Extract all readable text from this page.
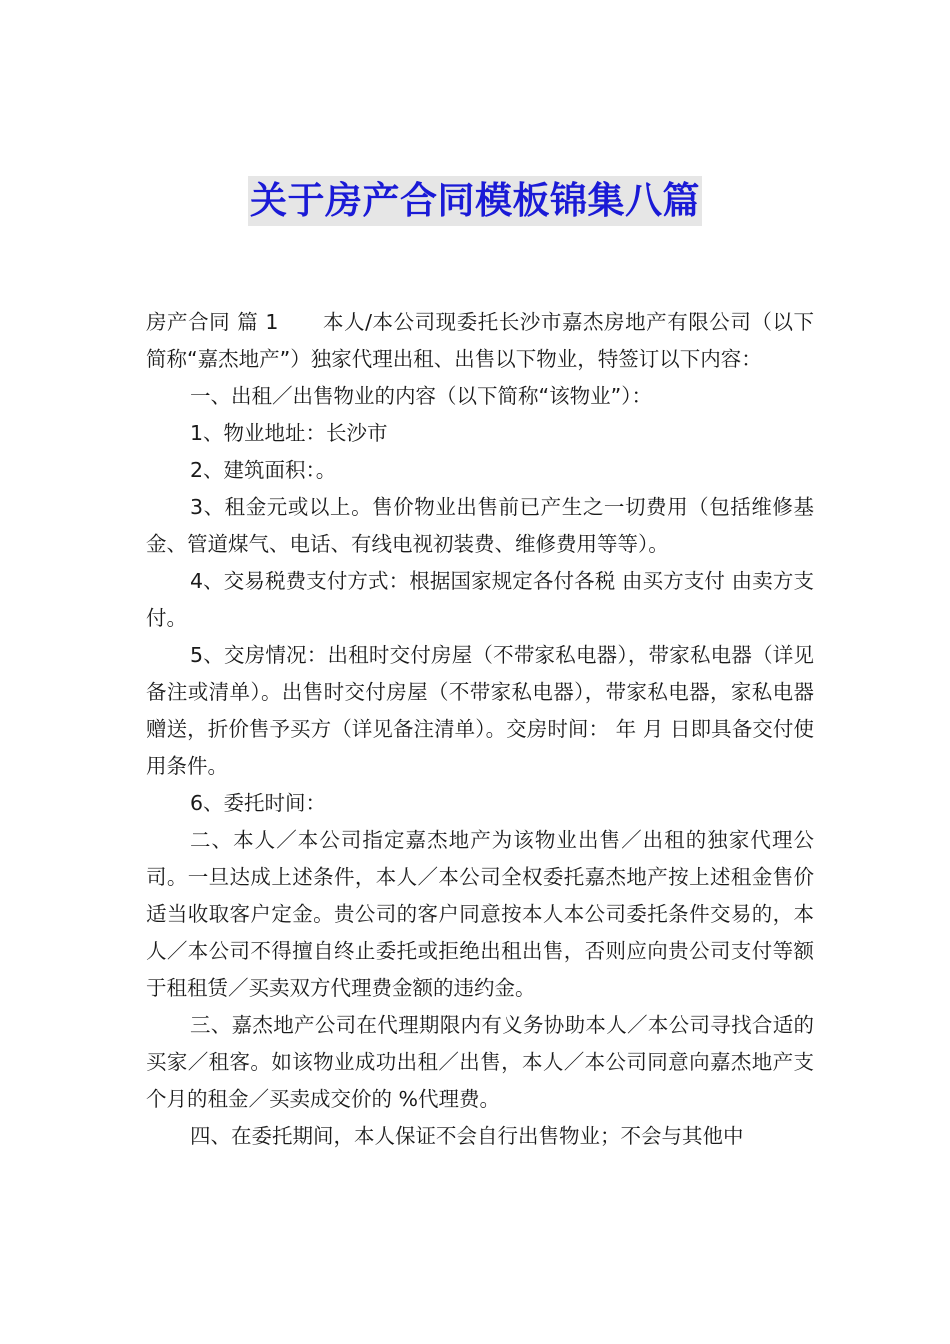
关于房产合同模板锦集八篇

房产合同 篇 1 本人/本公司现委托长沙市嘉杰房地产有限公司（以下简称“嘉杰地产”）独家代理出租、出售以下物业，特签订以下内容：

一、出租／出售物业的内容（以下简称“该物业”）：

1、物业地址：长沙市

2、建筑面积：。

3、租金元或以上。售价物业出售前已产生之一切费用（包括维修基金、管道煤气、电话、有线电视初装费、维修费用等等）。

4、交易税费支付方式：根据国家规定各付各税 由买方支付 由卖方支付。

5、交房情况：出租时交付房屋（不带家私电器），带家私电器（详见备注或清单）。出售时交付房屋（不带家私电器），带家私电器，家私电器赠送，折价售予买方（详见备注清单）。交房时间： 年 月 日即具备交付使用条件。

6、委托时间：

二、本人／本公司指定嘉杰地产为该物业出售／出租的独家代理公司。一旦达成上述条件，本人／本公司全权委托嘉杰地产按上述租金售价适当收取客户定金。贵公司的客户同意按本人本公司委托条件交易的，本人／本公司不得擅自终止委托或拒绝出租出售，否则应向贵公司支付等额于租租赁／买卖双方代理费金额的违约金。

三、嘉杰地产公司在代理期限内有义务协助本人／本公司寻找合适的买家／租客。如该物业成功出租／出售，本人／本公司同意向嘉杰地产支 个月的租金／买卖成交价的 %代理费。

四、在委托期间，本人保证不会自行出售物业；不会与其他中
